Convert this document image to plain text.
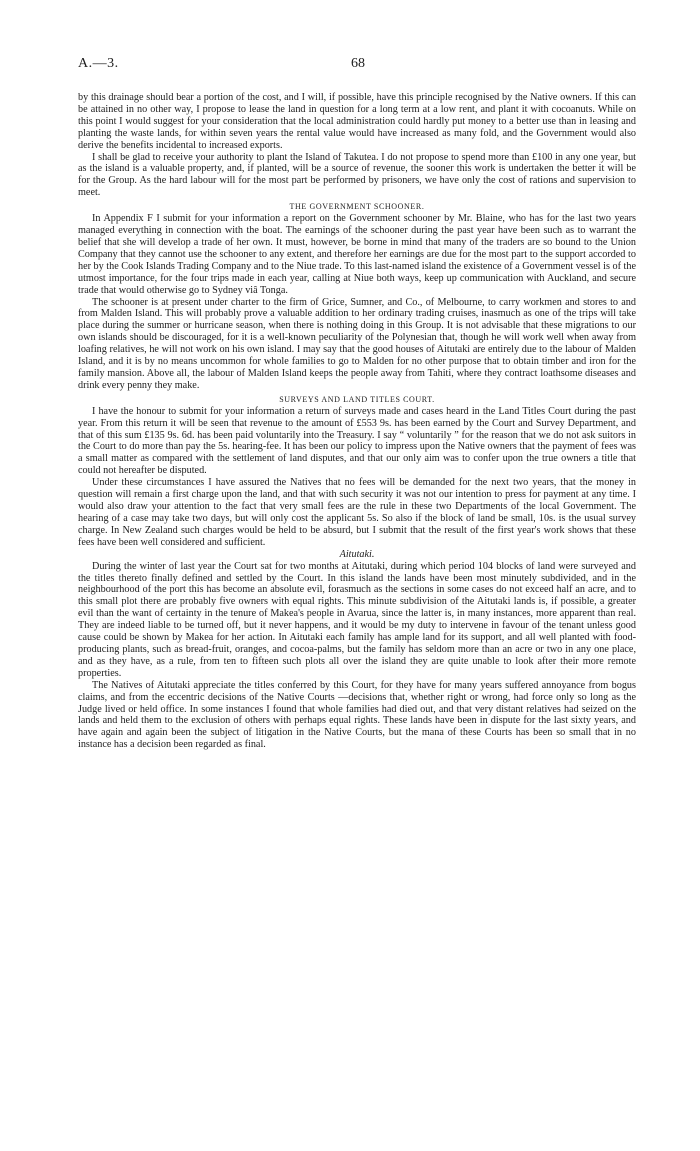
A.—3.	68

by this drainage should bear a portion of the cost, and I will, if possible, have this principle recognised by the Native owners. If this can be attained in no other way, I propose to lease the land in question for a long term at a low rent, and plant it with cocoanuts. While on this point I would suggest for your consideration that the local administration could hardly put money to a better use than in leasing and planting the waste lands, for within seven years the rental value would have increased as many fold, and the Government would also derive the benefits incidental to increased exports.

I shall be glad to receive your authority to plant the Island of Takutea. I do not propose to spend more than £100 in any one year, but as the island is a valuable property, and, if planted, will be a source of revenue, the sooner this work is undertaken the better it will be for the Group. As the hard labour will for the most part be performed by prisoners, we have only the cost of rations and supervision to meet.

THE GOVERNMENT SCHOONER.

In Appendix F I submit for your information a report on the Government schooner by Mr. Blaine, who has for the last two years managed everything in connection with the boat. The earnings of the schooner during the past year have been such as to warrant the belief that she will develop a trade of her own. It must, however, be borne in mind that many of the traders are so bound to the Union Company that they cannot use the schooner to any extent, and therefore her earnings are due for the most part to the support accorded to her by the Cook Islands Trading Company and to the Niue trade. To this last-named island the existence of a Government vessel is of the utmost importance, for the four trips made in each year, calling at Niue both ways, keep up communication with Auckland, and secure trade that would otherwise go to Sydney viâ Tonga.

The schooner is at present under charter to the firm of Grice, Sumner, and Co., of Melbourne, to carry workmen and stores to and from Malden Island. This will probably prove a valuable addition to her ordinary trading cruises, inasmuch as one of the trips will take place during the summer or hurricane season, when there is nothing doing in this Group. It is not advisable that these migrations to our own islands should be discouraged, for it is a well-known peculiarity of the Polynesian that, though he will work well when away from loafing relatives, he will not work on his own island. I may say that the good houses of Aitutaki are entirely due to the labour of Malden Island, and it is by no means uncommon for whole families to go to Malden for no other purpose that to obtain timber and iron for the family mansion. Above all, the labour of Malden Island keeps the people away from Tahiti, where they contract loathsome diseases and drink every penny they make.

SURVEYS AND LAND TITLES COURT.

I have the honour to submit for your information a return of surveys made and cases heard in the Land Titles Court during the past year. From this return it will be seen that revenue to the amount of £553 9s. has been earned by the Court and Survey Department, and that of this sum £135 9s. 6d. has been paid voluntarily into the Treasury. I say “ voluntarily ” for the reason that we do not ask suitors in the Court to do more than pay the 5s. hearing-fee. It has been our policy to impress upon the Native owners that the payment of fees was a small matter as compared with the settlement of land disputes, and that our only aim was to confer upon the true owners a title that could not hereafter be disputed.

Under these circumstances I have assured the Natives that no fees will be demanded for the next two years, that the money in question will remain a first charge upon the land, and that with such security it was not our intention to press for payment at any time. I would also draw your attention to the fact that very small fees are the rule in these two Departments of the local Government. The hearing of a case may take two days, but will only cost the applicant 5s. So also if the block of land be small, 10s. is the usual survey charge. In New Zealand such charges would be held to be absurd, but I submit that the result of the first year's work shows that these fees have been well considered and sufficient.

Aitutaki.

During the winter of last year the Court sat for two months at Aitutaki, during which period 104 blocks of land were surveyed and the titles thereto finally defined and settled by the Court. In this island the lands have been most minutely subdivided, and in the neighbourhood of the port this has become an absolute evil, forasmuch as the sections in some cases do not exceed half an acre, and to this small plot there are probably five owners with equal rights. This minute subdivision of the Aitutaki lands is, if possible, a greater evil than the want of certainty in the tenure of Makea's people in Avarua, since the latter is, in many instances, more apparent than real. They are indeed liable to be turned off, but it never happens, and it would be my duty to intervene in favour of the tenant unless good cause could be shown by Makea for her action. In Aitutaki each family has ample land for its support, and all well planted with food-producing plants, such as bread-fruit, oranges, and cocoa-palms, but the family has seldom more than an acre or two in any one place, and as they have, as a rule, from ten to fifteen such plots all over the island they are quite unable to look after their more remote properties.

The Natives of Aitutaki appreciate the titles conferred by this Court, for they have for many years suffered annoyance from bogus claims, and from the eccentric decisions of the Native Courts —decisions that, whether right or wrong, had force only so long as the Judge lived or held office. In some instances I found that whole families had died out, and that very distant relatives had seized on the lands and held them to the exclusion of others with perhaps equal rights. These lands have been in dispute for the last sixty years, and have again and again been the subject of litigation in the Native Courts, but the mana of these Courts has been so small that in no instance has a decision been regarded as final.
